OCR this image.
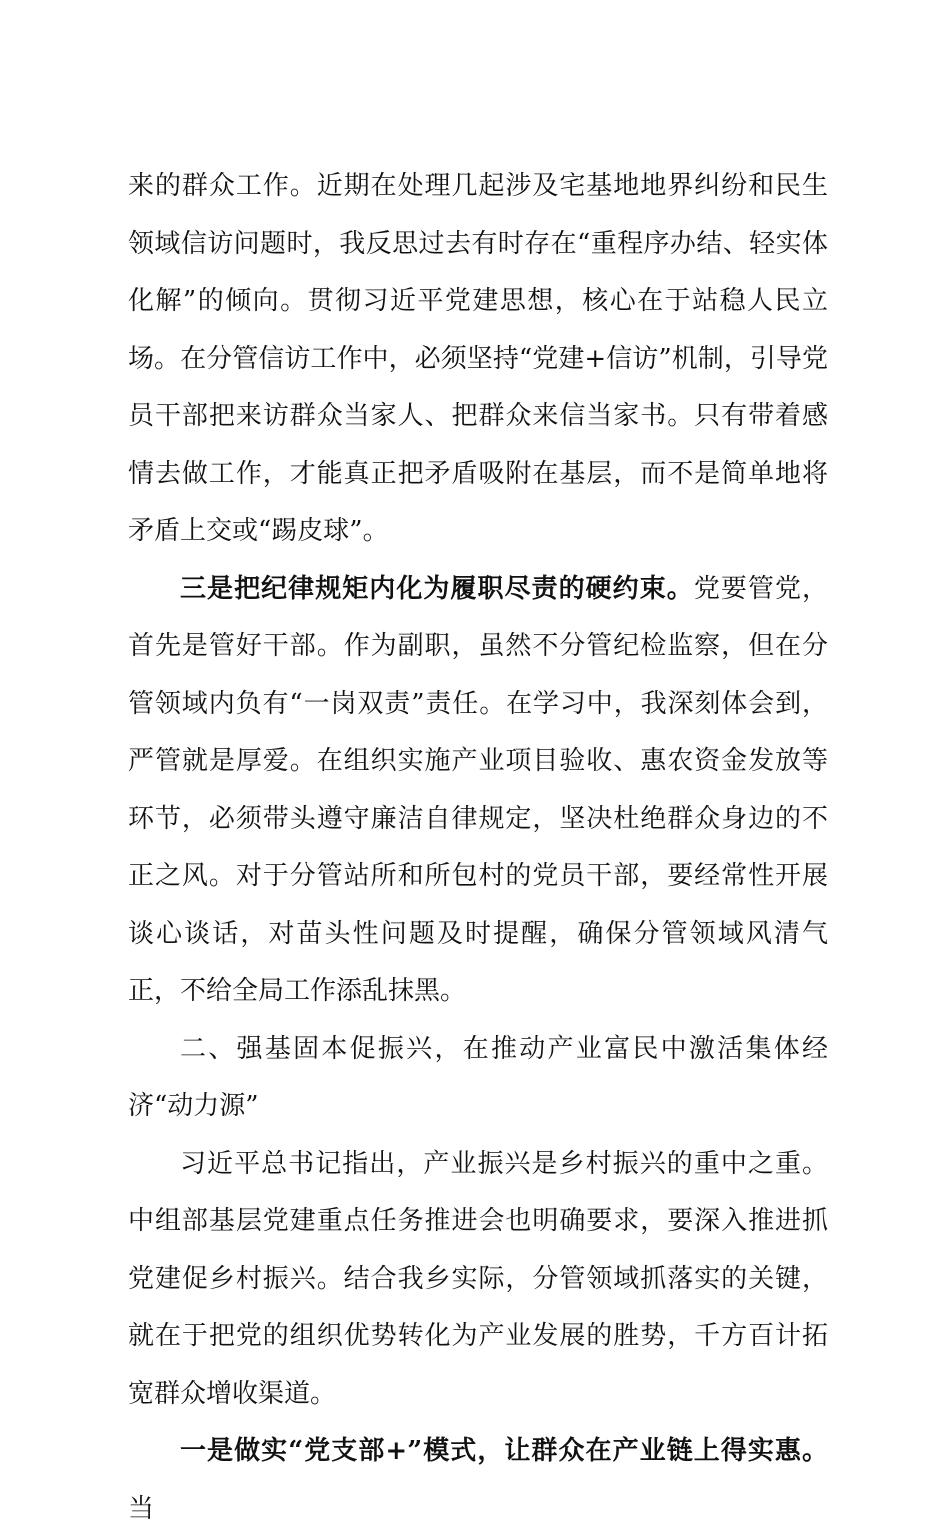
来的群众工作。近期在处理几起涉及宅基地地界纠纷和民生领域信访问题时，我反思过去有时存在“重程序办结、轻实体化解”的倾向。贯彻习近平党建思想，核心在于站稳人民立场。在分管信访工作中，必须坚持“党建+信访”机制，引导党员干部把来访群众当家人、把群众来信当家书。只有带着感情去做工作，才能真正把矛盾吸附在基层，而不是简单地将矛盾上交或“踢皮球”。

三是把纪律规矩内化为履职尽责的硬约束。党要管党，首先是管好干部。作为副职，虽然不分管纪检监察，但在分管领域内负有“一岗双责”责任。在学习中，我深刻体会到，严管就是厚爱。在组织实施产业项目验收、惠农资金发放等环节，必须带头遵守廉洁自律规定，坚决杜绝群众身边的不正之风。对于分管站所和所包村的党员干部，要经常性开展谈心谈话，对苗头性问题及时提醒，确保分管领域风清气正，不给全局工作添乱抹黑。

二、强基固本促振兴，在推动产业富民中激活集体经济“动力源”

习近平总书记指出，产业振兴是乡村振兴的重中之重。中组部基层党建重点任务推进会也明确要求，要深入推进抓党建促乡村振兴。结合我乡实际，分管领域抓落实的关键，就在于把党的组织优势转化为产业发展的胜势，千方百计拓宽群众增收渠道。

一是做实“党支部+”模式，让群众在产业链上得实惠。当
